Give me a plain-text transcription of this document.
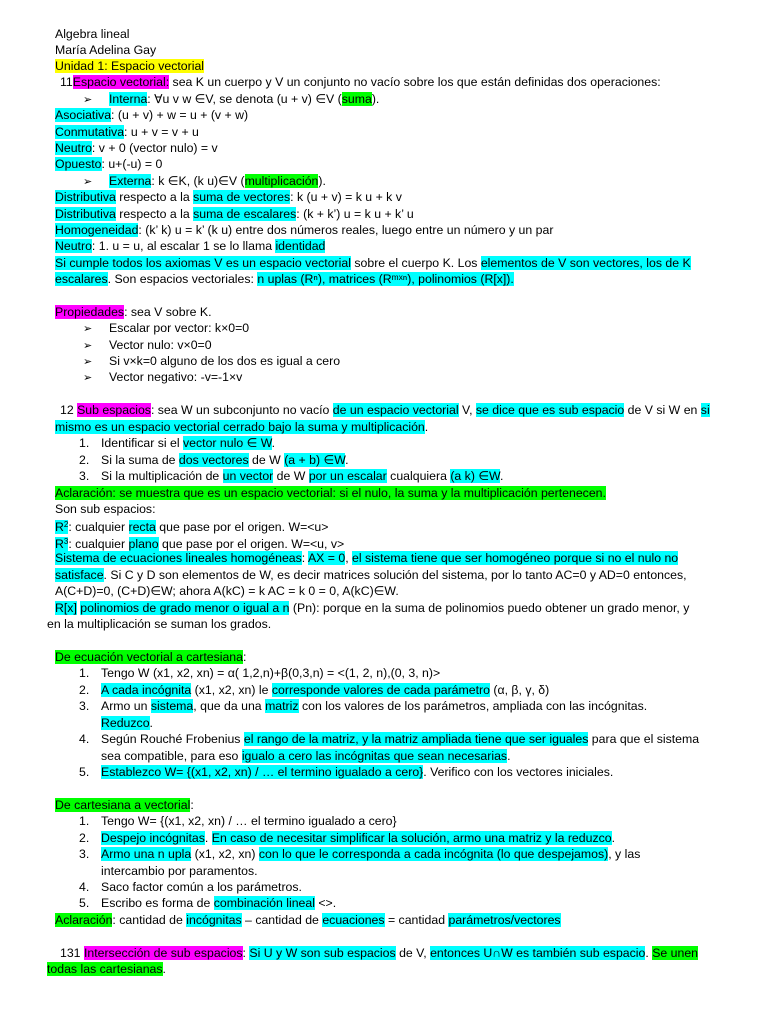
Algebra lineal
María Adelina Gay
Unidad 1: Espacio vectorial
11Espacio vectorial: sea K un cuerpo y V un conjunto no vacío sobre los que están definidas dos operaciones:
➢ Interna: ∀u v w ∈V, se denota (u + v) ∈V (suma).
Asociativa: (u + v) + w = u + (v + w)
Conmutativa: u + v = v + u
Neutro: v + 0 (vector nulo) = v
Opuesto: u+(-u) = 0
➢ Externa: k ∈K, (k u)∈V (multiplicación).
Distributiva respecto a la suma de vectores: k (u + v) = k u + k v
Distributiva respecto a la suma de escalares: (k + k’) u = k u + k’ u
Homogeneidad: (k’ k) u = k’ (k u) entre dos números reales, luego entre un número y un par
Neutro: 1. u = u, al escalar 1 se lo llama identidad
Si cumple todos los axiomas V es un espacio vectorial sobre el cuerpo K. Los elementos de V son vectores, los de K
escalares. Son espacios vectoriales: n uplas (Rⁿ), matrices (Rᵐˣⁿ), polinomios (R[x]).
Propiedades: sea V sobre K.
➢ Escalar por vector: k×0=0
➢ Vector nulo: v×0=0
➢ Si v×k=0 alguno de los dos es igual a cero
➢ Vector negativo: -v=-1×v
12 Sub espacios: sea W un subconjunto no vacío de un espacio vectorial V, se dice que es sub espacio de V si W en si
mismo es un espacio vectorial cerrado bajo la suma y multiplicación.
1. Identificar si el vector nulo ∈ W.
2. Si la suma de dos vectores de W (a + b) ∈W.
3. Si la multiplicación de un vector de W por un escalar cualquiera (a k) ∈W.
Aclaración: se muestra que es un espacio vectorial: si el nulo, la suma y la multiplicación pertenecen.
Son sub espacios:
$R^2$: cualquier recta que pase por el origen. W=<u>
$R^3$: cualquier plano que pase por el origen. W=<u, v>
Sistema de ecuaciones lineales homogéneas: AX = 0, el sistema tiene que ser homogéneo porque si no el nulo no
satisface. Si C y D son elementos de W, es decir matrices solución del sistema, por lo tanto AC=0 y AD=0 entonces,
A(C+D)=0, (C+D)∈W; ahora A(kC) = k AC = k 0 = 0, A(kC)∈W.
R[x] polinomios de grado menor o igual a n (Pn): porque en la suma de polinomios puedo obtener un grado menor, y
en la multiplicación se suman los grados.
De ecuación vectorial a cartesiana:
1. Tengo W (x1, x2, xn) = α( 1,2,n)+β(0,3,n) = <(1, 2, n),(0, 3, n)>
2. A cada incógnita (x1, x2, xn) le corresponde valores de cada parámetro (α, β, γ, δ)
3. Armo un sistema, que da una matriz con los valores de los parámetros, ampliada con las incógnitas.
Reduzco.
4. Según Rouché Frobenius el rango de la matriz, y la matriz ampliada tiene que ser iguales para que el sistema
sea compatible, para eso igualo a cero las incógnitas que sean necesarias.
5. Establezco W= {(x1, x2, xn) / … el termino igualado a cero}. Verifico con los vectores iniciales.
De cartesiana a vectorial:
1. Tengo W= {(x1, x2, xn) / … el termino igualado a cero}
2. Despejo incógnitas. En caso de necesitar simplificar la solución, armo una matriz y la reduzco.
3. Armo una n upla (x1, x2, xn) con lo que le corresponda a cada incógnita (lo que despejamos), y las
intercambio por paramentos.
4. Saco factor común a los parámetros.
5. Escribo es forma de combinación lineal <>.
Aclaración: cantidad de incógnitas – cantidad de ecuaciones = cantidad parámetros/vectores
131 Intersección de sub espacios: Si U y W son sub espacios de V, entonces U∩W es también sub espacio. Se unen
todas las cartesianas.
